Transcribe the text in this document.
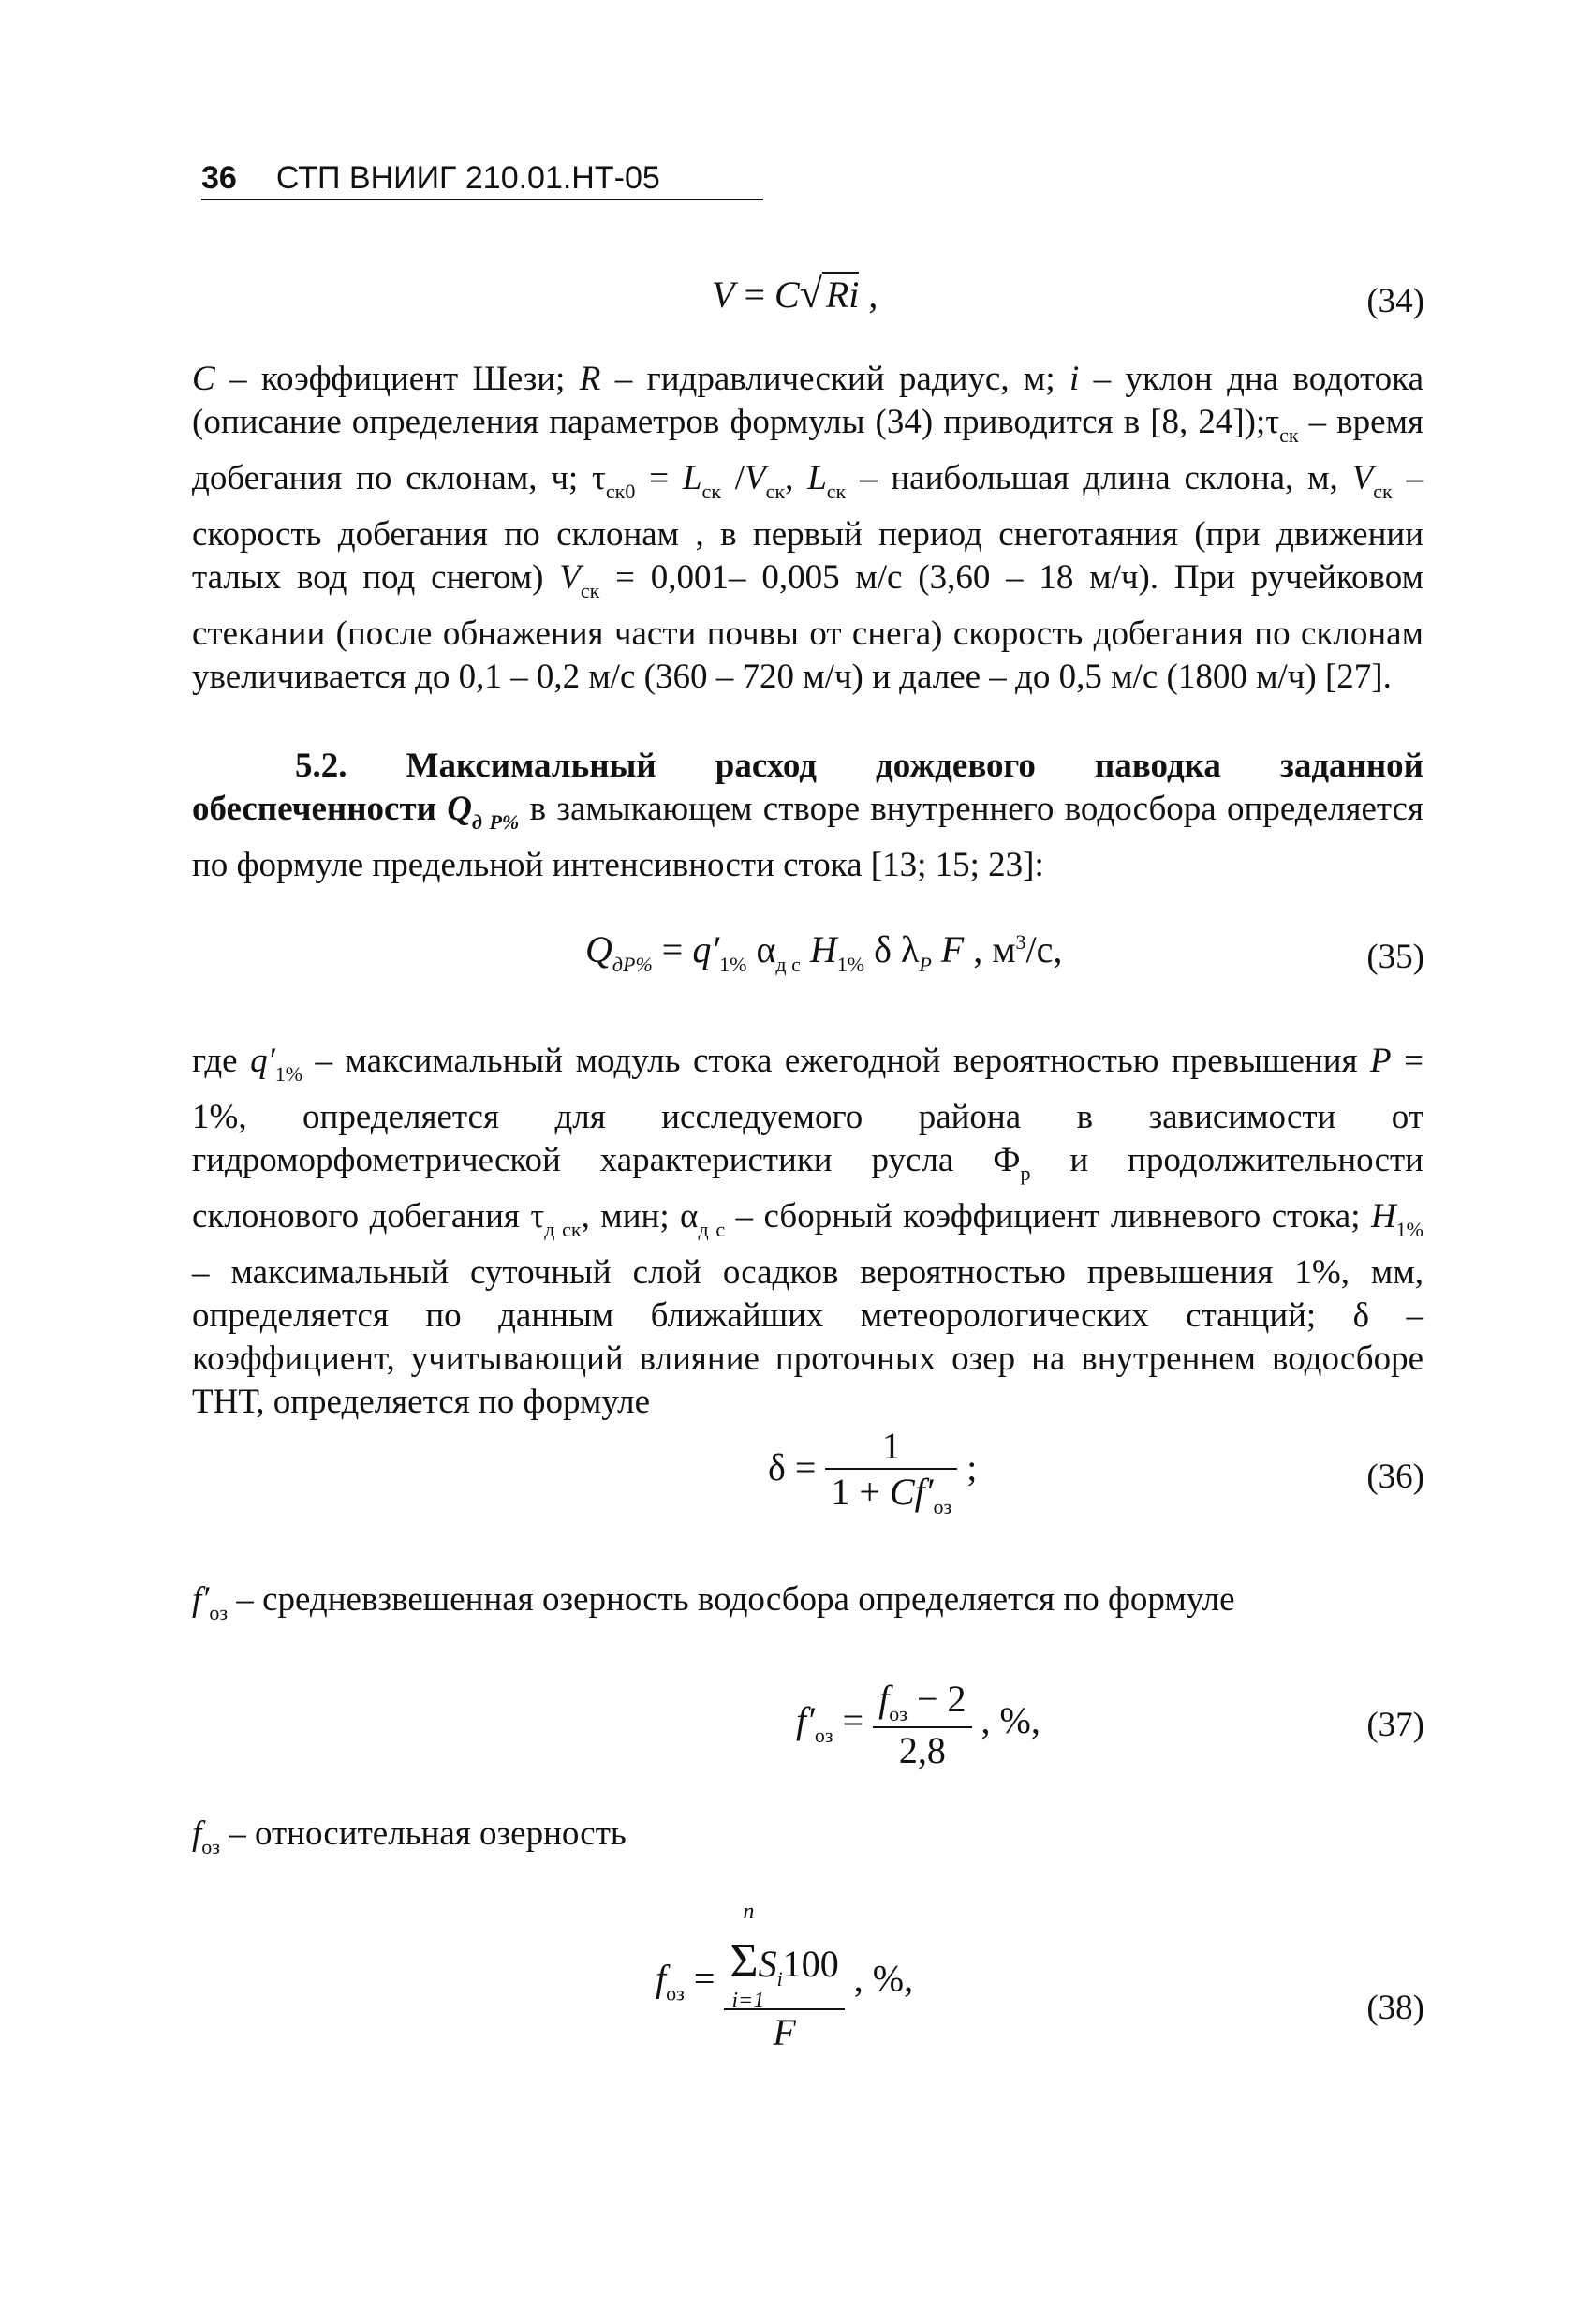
36 СТП ВНИИГ 210.01.НТ-05
V = C√ Ri ,	(34)
C – коэффициент Шези; R – гидравлический радиус, м; i – уклон дна водотока (описание определения параметров формулы (34) приводится в [8, $24]);\tau_{ск}$ – время добегания по склонам, ч; $\tau_{ск0} = L_{ск}$ $/V_{ск}$, $L_{ск}$ – наибольшая длина склона, м, $V_{ск}$ – скорость добегания по склонам , в первый период снеготаяния (при движении талых вод под снегом) $V_{ск} = 0,001-$ 0,005 м/с (3,60 – 18 м/ч). При ручейковом стекании (после обнажения части почвы от снега) скорость добегания по склонам увеличивается до 0,1 – 0,2 м/с (360 – 720 м/ч) и далее – до 0,5 м/с (1800 м/ч) [27].
5.2. Максимальный расход дождевого паводка заданной обеспеченности $Q_{д P\%}$ в замыкающем створе внутреннего водосбора определяется по формуле предельной интенсивности стока [13; 15; 23]:
$Q_{дP\%} = q'_{1\%}$ $\alpha_{д с}$ $H_{1\%}$ δ $\lambda_P$ F , $м^3/с$,	(35)
где $q'_{1\%}$ – максимальный модуль стока ежегодной вероятностью превышения P = 1%, определяется для исследуемого района в зависимости от гидроморфометрической характеристики русла $Ф_р$ и продолжительности склонового добегания $\tau_{д ск}$, мин; $\alpha_{д с}$ – сборный коэффициент ливневого стока; $H_{1\%}$ – максимальный суточный слой осадков вероятностью превышения 1%, мм, определяется по данным ближайших метеорологических станций; δ – коэффициент, учитывающий влияние проточных озер на внутреннем водосборе ТНТ, определяется по формуле
$\delta = \frac{1}{1 + Cf'_{оз}}$ ;	(36)
$f'_{оз}$ – средневзвешенная озерность водосбора определяется по формуле
$f'_{оз} = \frac{f_{оз} - 2}{2,8}$ , %,	(37)
$f_{оз}$ – относительная озерность
$f_{оз} = n$
$\Sigma S_i100$
i=1
F , %,
(38)
